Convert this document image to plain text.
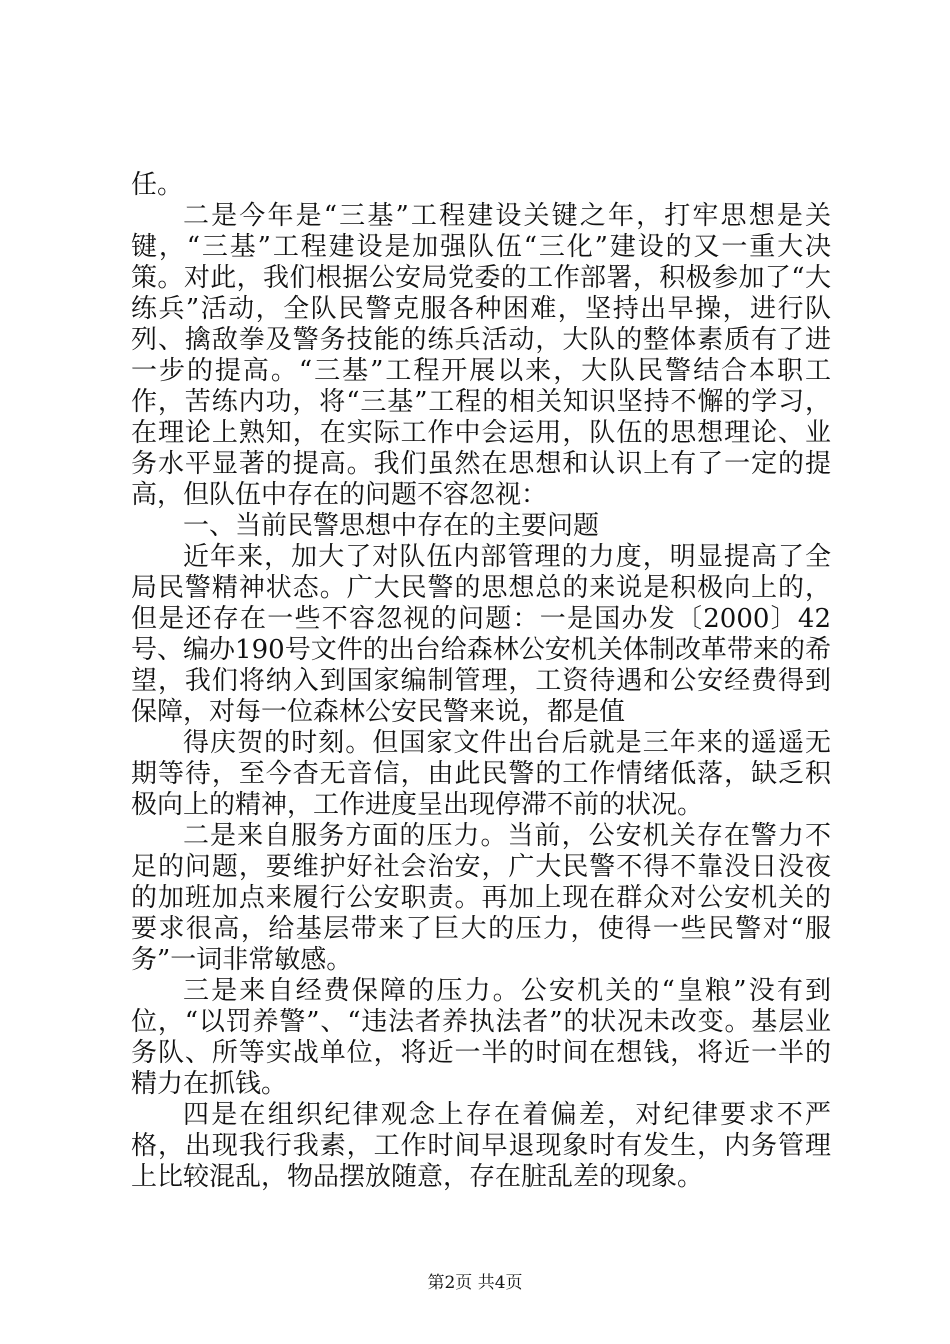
任。

二是今年是“三基”工程建设关键之年，打牢思想是关键，“三基”工程建设是加强队伍“三化”建设的又一重大决策。对此，我们根据公安局党委的工作部署，积极参加了“大练兵”活动，全队民警克服各种困难，坚持出早操，进行队列、擒敌拳及警务技能的练兵活动，大队的整体素质有了进一步的提高。“三基”工程开展以来，大队民警结合本职工作，苦练内功，将“三基”工程的相关知识坚持不懈的学习，在理论上熟知，在实际工作中会运用，队伍的思想理论、业务水平显著的提高。我们虽然在思想和认识上有了一定的提高，但队伍中存在的问题不容忽视：

一、当前民警思想中存在的主要问题

近年来，加大了对队伍内部管理的力度，明显提高了全局民警精神状态。广大民警的思想总的来说是积极向上的，但是还存在一些不容忽视的问题：一是国办发〔2000〕42号、编办190号文件的出台给森林公安机关体制改革带来的希望，我们将纳入到国家编制管理，工资待遇和公安经费得到保障，对每一位森林公安民警来说，都是值

得庆贺的时刻。但国家文件出台后就是三年来的遥遥无期等待，至今杳无音信，由此民警的工作情绪低落，缺乏积极向上的精神，工作进度呈出现停滞不前的状况。

二是来自服务方面的压力。当前，公安机关存在警力不足的问题，要维护好社会治安，广大民警不得不靠没日没夜的加班加点来履行公安职责。再加上现在群众对公安机关的要求很高，给基层带来了巨大的压力，使得一些民警对“服务”一词非常敏感。

三是来自经费保障的压力。公安机关的“皇粮”没有到位，“以罚养警”、“违法者养执法者”的状况未改变。基层业务队、所等实战单位，将近一半的时间在想钱，将近一半的精力在抓钱。

四是在组织纪律观念上存在着偏差，对纪律要求不严格，出现我行我素，工作时间早退现象时有发生，内务管理上比较混乱，物品摆放随意，存在脏乱差的现象。

第2页 共4页
